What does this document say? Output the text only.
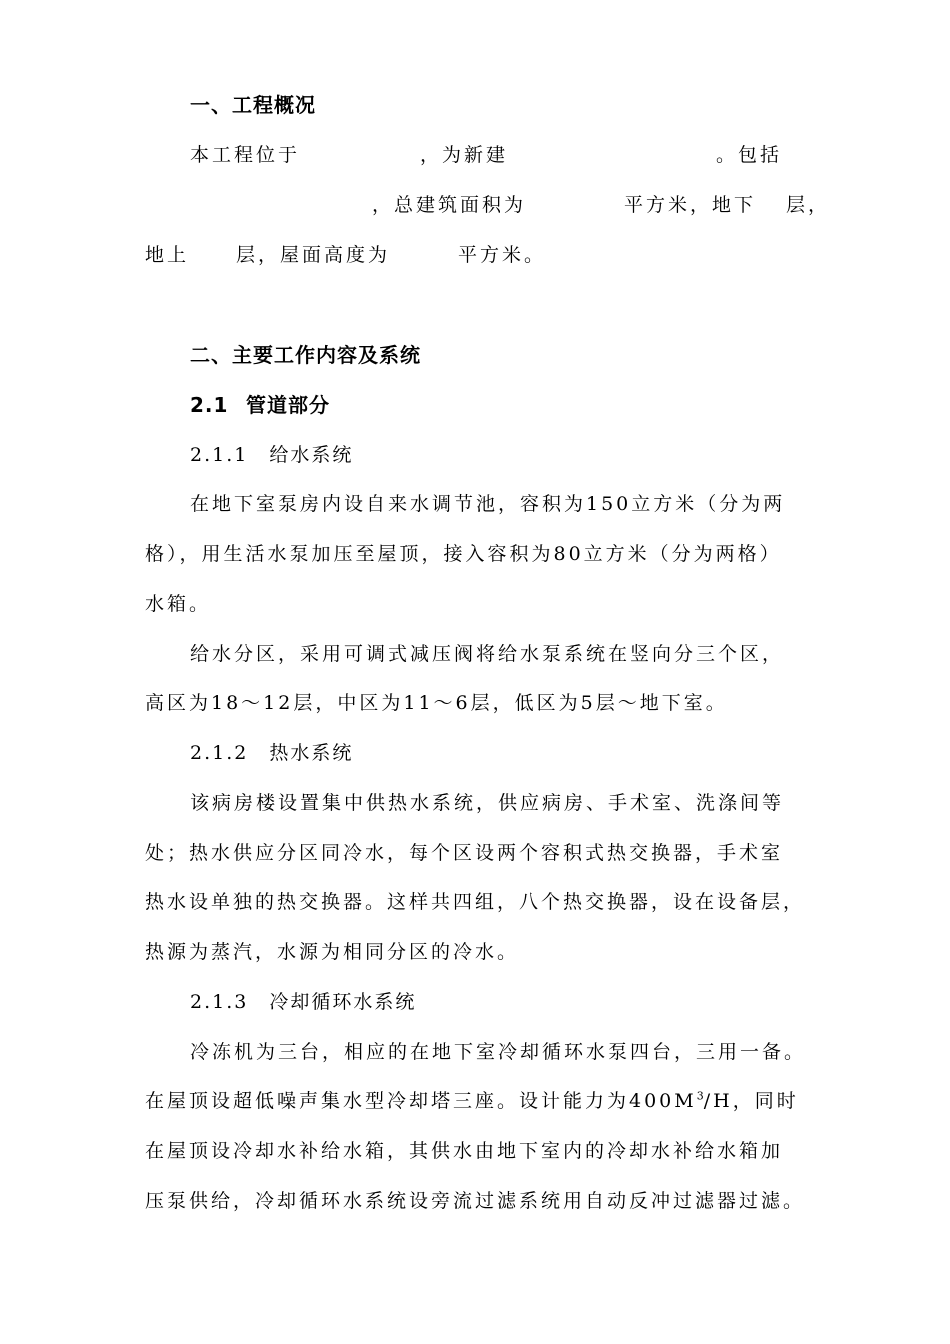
一、工程概况
本工程位于	，为新建	。包括
，总建筑面积为	平方米，地下 层，
地上 层，屋面高度为	平方米。
二、主要工作内容及系统
2.1 管道部分
2.1.1　给水系统
在地下室泵房内设自来水调节池，容积为150立方米（分为两
格），用生活水泵加压至屋顶，接入容积为80立方米（分为两格）
水箱。
给水分区，采用可调式减压阀将给水泵系统在竖向分三个区，
高区为18～12层，中区为11～6层，低区为5层～地下室。
2.1.2　热水系统
该病房楼设置集中供热水系统，供应病房、手术室、洗涤间等
处；热水供应分区同冷水，每个区设两个容积式热交换器，手术室
热水设单独的热交换器。这样共四组，八个热交换器，设在设备层，
热源为蒸汽，水源为相同分区的冷水。
2.1.3　冷却循环水系统
冷冻机为三台，相应的在地下室冷却循环水泵四台，三用一备。
在屋顶设超低噪声集水型冷却塔三座。设计能力为$400M^3/H$，同时
在屋顶设冷却水补给水箱，其供水由地下室内的冷却水补给水箱加
压泵供给，冷却循环水系统设旁流过滤系统用自动反冲过滤器过滤。
